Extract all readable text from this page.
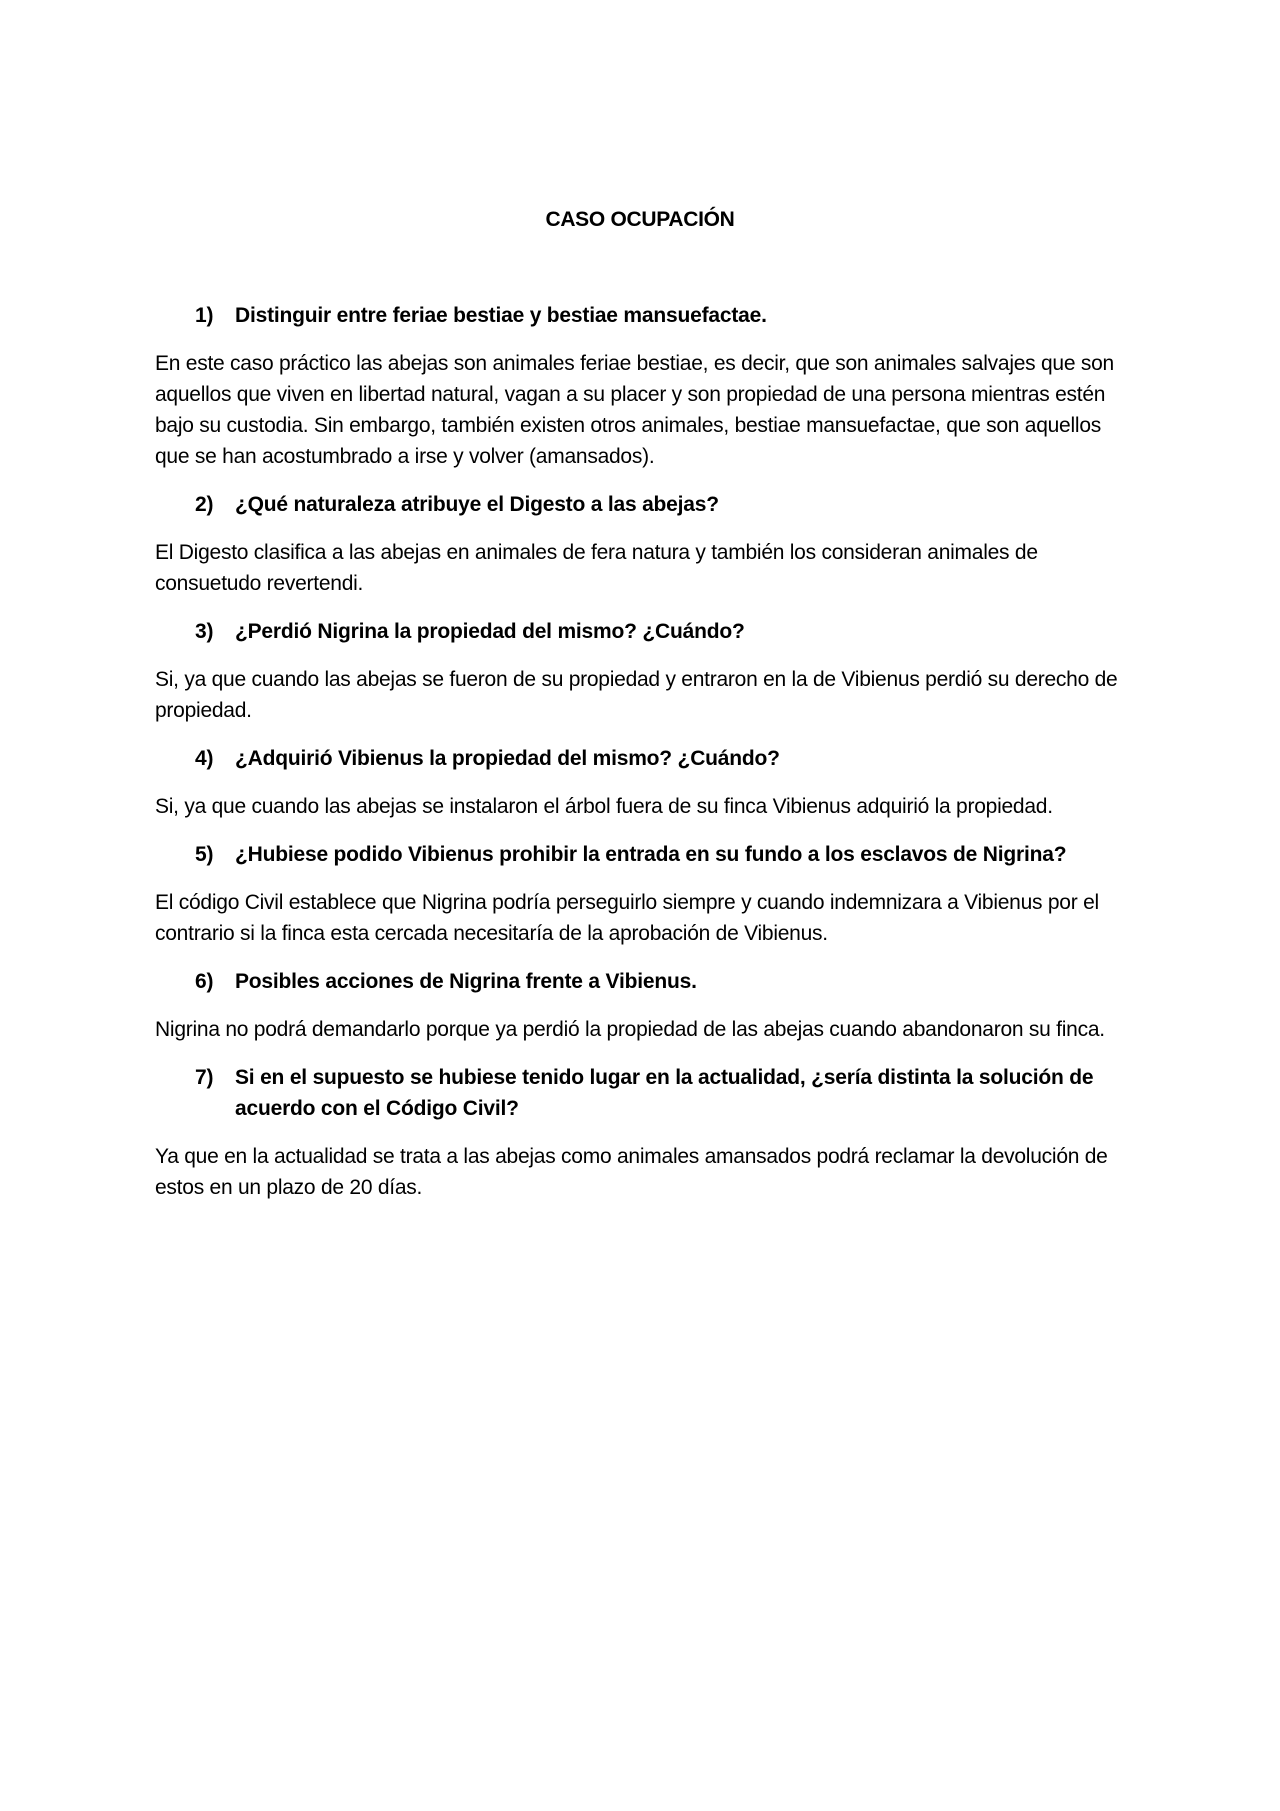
CASO OCUPACIÓN
1)	Distinguir entre feriae bestiae y bestiae mansuefactae.

En este caso práctico las abejas son animales feriae bestiae, es decir, que son animales salvajes que son aquellos que viven en libertad natural, vagan a su placer y son propiedad de una persona mientras estén bajo su custodia. Sin embargo, también existen otros animales, bestiae mansuefactae, que son aquellos que se han acostumbrado a irse y volver (amansados).

2)	¿Qué naturaleza atribuye el Digesto a las abejas?

El Digesto clasifica a las abejas en animales de fera natura y también los consideran animales de consuetudo revertendi.

3)	¿Perdió Nigrina la propiedad del mismo? ¿Cuándo?

Si, ya que cuando las abejas se fueron de su propiedad y entraron en la de Vibienus perdió su derecho de propiedad.

4)	¿Adquirió Vibienus la propiedad del mismo? ¿Cuándo?

Si, ya que cuando las abejas se instalaron el árbol fuera de su finca Vibienus adquirió la propiedad.

5)	¿Hubiese podido Vibienus prohibir la entrada en su fundo a los esclavos de Nigrina?

El código Civil establece que Nigrina podría perseguirlo siempre y cuando indemnizara a Vibienus por el contrario si la finca esta cercada necesitaría de la aprobación de Vibienus.

6)	Posibles acciones de Nigrina frente a Vibienus.

Nigrina no podrá demandarlo porque ya perdió la propiedad de las abejas cuando abandonaron su finca.

7)	Si en el supuesto se hubiese tenido lugar en la actualidad, ¿sería distinta la solución de acuerdo con el Código Civil?

Ya que en la actualidad se trata a las abejas como animales amansados podrá reclamar la devolución de estos en un plazo de 20 días.
